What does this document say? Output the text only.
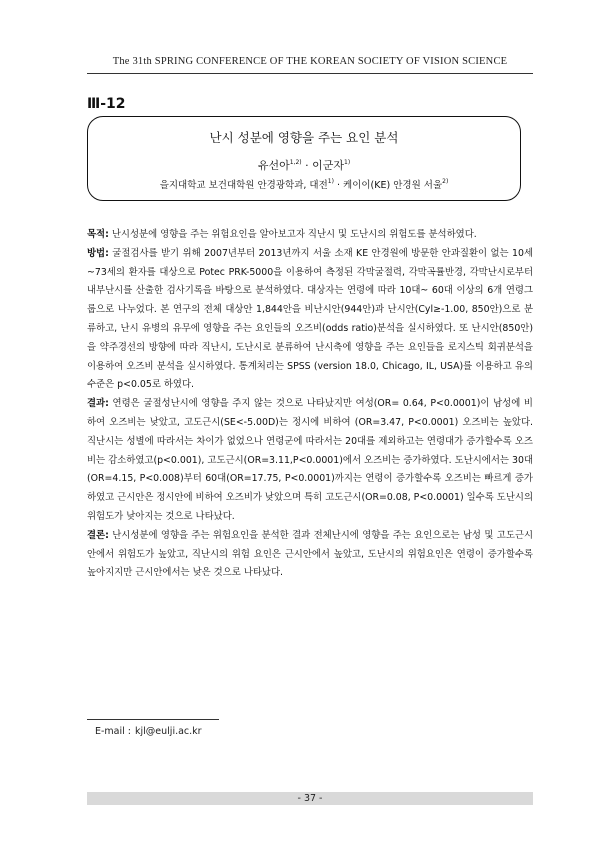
The 31th SPRING CONFERENCE OF THE KOREAN SOCIETY OF VISION SCIENCE
Ⅲ-12
난시 성분에 영향을 주는 요인 분석
유선아$^{1,2)}$ · 이군자$^{1)}$
을지대학교 보건대학원 안경광학과, 대전$^{1)}$ · 케이이(KE) 안경원 서울$^{2)}$

목적: 난시성분에 영향을 주는 위험요인을 알아보고자 직난시 및 도난시의 위험도를 분석하였다.

방법: 굴절검사를 받기 위해 2007년부터 2013년까지 서울 소재 KE 안경원에 방문한 안과질환이 없는 10세~73세의 환자를 대상으로 Potec PRK-5000을 이용하여 측정된 각막굴절력, 각막곡률반경, 각막난시로부터 내부난시를 산출한 검사기록을 바탕으로 분석하였다. 대상자는 연령에 따라 10대~ 60대 이상의 6개 연령그룹으로 나누었다. 본 연구의 전체 대상안 1,844안을 비난시안(944안)과 난시안(Cyl≥-1.00, 850안)으로 분류하고, 난시 유병의 유무에 영향을 주는 요인들의 오즈비(odds ratio)분석을 실시하였다. 또 난시안(850안)을 약주경선의 방향에 따라 직난시, 도난시로 분류하여 난시축에 영향을 주는 요인들을 로지스틱 회귀분석을 이용하여 오즈비 분석을 실시하였다. 통계처리는 SPSS (version 18.0, Chicago, IL, USA)를 이용하고 유의수준은 p<0.05로 하였다.

결과: 연령은 굴절성난시에 영향을 주지 않는 것으로 나타났지만 여성(OR= 0.64, P<0.0001)이 남성에 비하여 오즈비는 낮았고, 고도근시(SE<-5.00D)는 정시에 비하여 (OR=3.47, P<0.0001) 오즈비는 높았다. 직난시는 성별에 따라서는 차이가 없었으나 연령군에 따라서는 20대를 제외하고는 연령대가 증가할수록 오즈비는 감소하였고(p<0.001), 고도근시(OR=3.11,P<0.0001)에서 오즈비는 증가하였다. 도난시에서는 30대(OR=4.15, P<0.008)부터 60대(OR=17.75, P<0.0001)까지는 연령이 증가할수록 오즈비는 빠르게 증가하였고 근시안은 정시안에 비하여 오즈비가 낮았으며 특히 고도근시(OR=0.08, P<0.0001) 일수록 도난시의 위험도가 낮아지는 것으로 나타났다.

결론: 난시성분에 영향을 주는 위험요인을 분석한 결과 전체난시에 영향을 주는 요인으로는 남성 및 고도근시안에서 위험도가 높았고, 직난시의 위험 요인은 근시안에서 높았고, 도난시의 위험요인은 연령이 증가할수록 높아지지만 근시안에서는 낮은 것으로 나타났다.

E-mail : kjl@eulji.ac.kr
- 37 -
